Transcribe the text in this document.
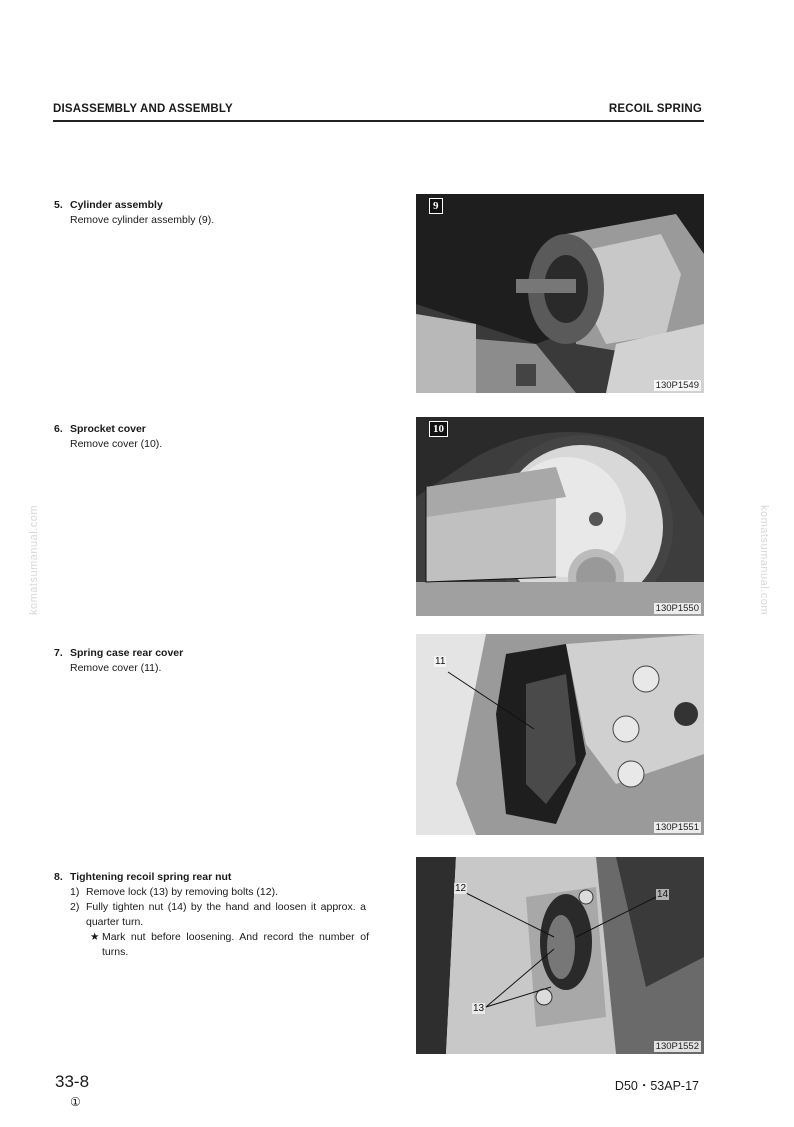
DISASSEMBLY AND ASSEMBLY	RECOIL SPRING
komatsumanual.com	komatsumanual.com
5. Cylinder assembly
Remove cylinder assembly (9).
6. Sprocket cover
Remove cover (10).
7. Spring case rear cover
Remove cover (11).
8. Tightening recoil spring rear nut
1) Remove lock (13) by removing bolts (12).
2) Fully tighten nut (14) by the hand and loosen it approx. a quarter turn.
★ Mark nut before loosening. And record the number of turns.
9
130P1549
10
130P1550
11
130P1551
12
14
13
130P1552
33-8
①
D50・53AP-17
